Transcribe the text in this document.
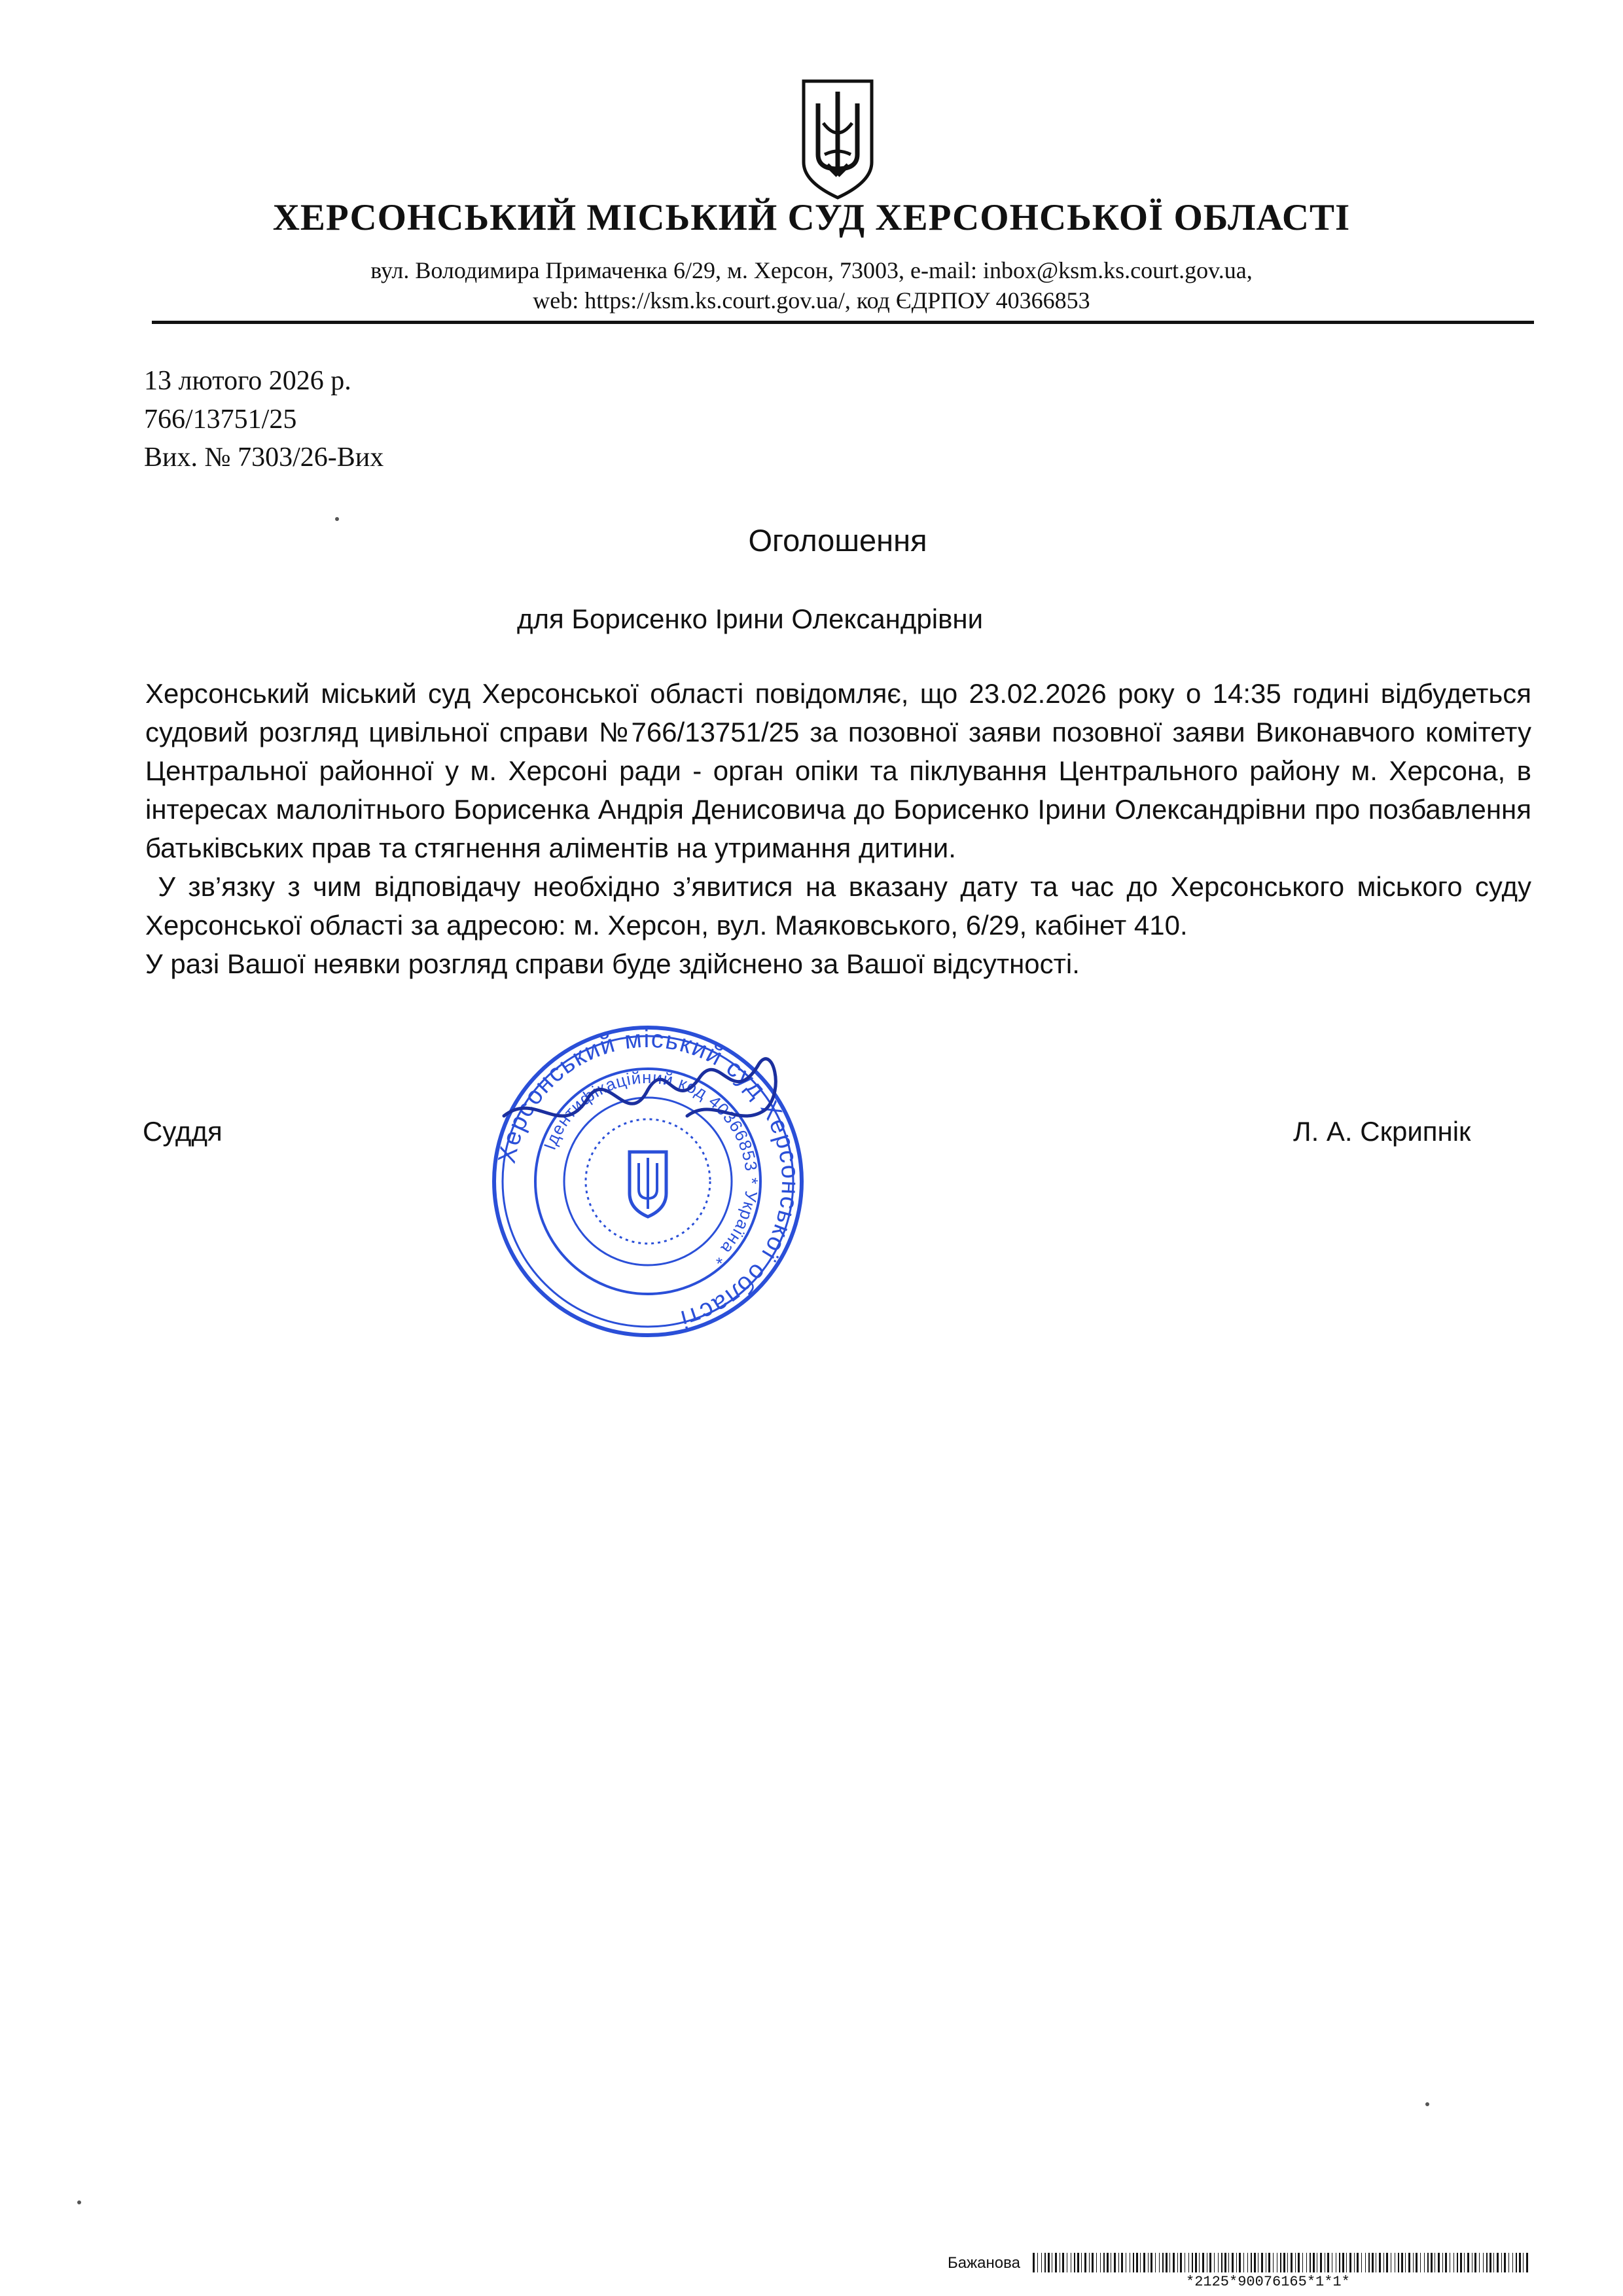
ХЕРСОНСЬКИЙ МІСЬКИЙ СУД ХЕРСОНСЬКОЇ ОБЛАСТІ
вул. Володимира Примаченка 6/29, м. Херсон, 73003, e-mail: inbox@ksm.ks.court.gov.ua,
web: https://ksm.ks.court.gov.ua/, код ЄДРПОУ 40366853
13 лютого 2026 р.
766/13751/25
Вих. № 7303/26-Вих
Оголошення
для Борисенко Ірини Олександрівни

Херсонський міський суд Херсонської області повідомляє, що 23.02.2026 року о 14:35 годині відбудеться судовий розгляд цивільної справи №766/13751/25 за позовної заяви позовної заяви Виконавчого комітету Центральної районної у м. Херсоні ради - орган опіки та піклування Центрального району м. Херсона, в інтересах малолітнього Борисенка Андрія Денисовича до Борисенко Ірини Олександрівни про позбавлення батьківських прав та стягнення аліментів на утримання дитини.

У зв’язку з чим відповідачу необхідно з’явитися на вказану дату та час до Херсонського міського суду Херсонської області за адресою: м. Херсон, вул. Маяковського, 6/29, кабінет 410.

У разі Вашої неявки розгляд справи буде здійснено за Вашої відсутності.

Суддя
Херсонський міський суд Херсонської області
Ідентифікаційний код 40366853 * Україна *
Л. А. Скрипнік
Бажанова
*2125*90076165*1*1*
